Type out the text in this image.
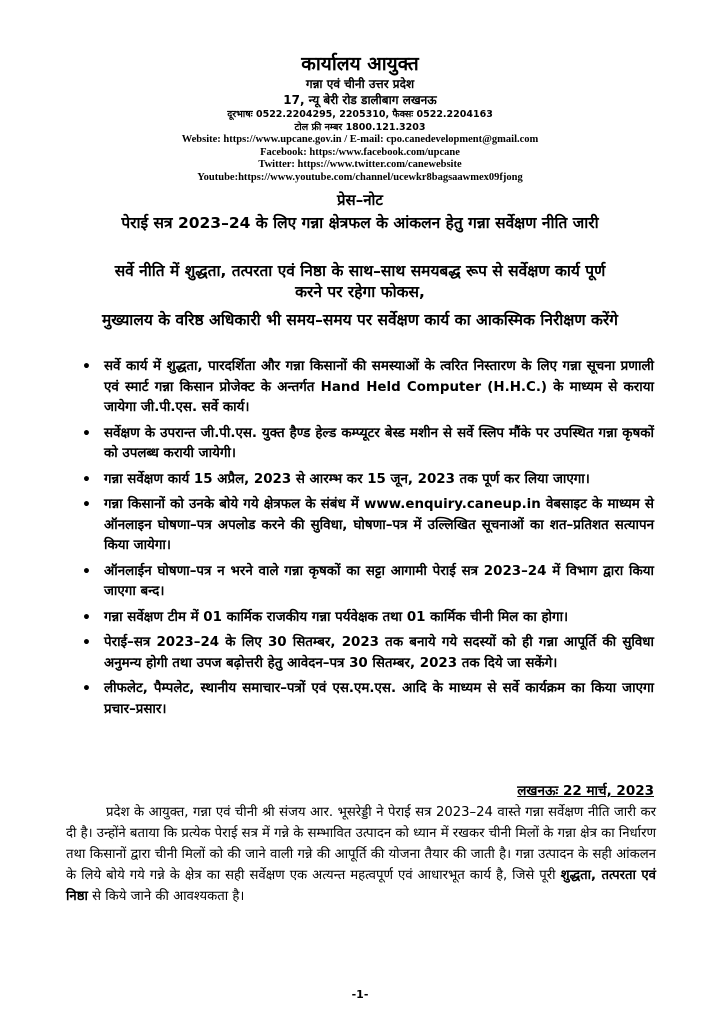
कार्यालय आयुक्त
गन्ना एवं चीनी उत्तर प्रदेश
17, न्यू बेरी रोड डालीबाग लखनऊ
दूरभाषः 0522.2204295, 2205310, फैक्सः 0522.2204163
टोल फ्री नम्बर 1800.121.3203
Website: https://www.upcane.gov.in / E-mail: cpo.canedevelopment@gmail.com
Facebook: https:/www.facebook.com/upcane
Twitter: https://www.twitter.com/canewebsite
Youtube:https://www.youtube.com/channel/ucewkr8bagsaawmex09fjong
प्रेस–नोट
पेराई सत्र 2023–24 के लिए गन्ना क्षेत्रफल के आंकलन हेतु गन्ना सर्वेक्षण नीति जारी
सर्वे नीति में शुद्धता, तत्परता एवं निष्ठा के साथ–साथ समयबद्ध रूप से सर्वेक्षण कार्य पूर्ण करने पर रहेगा फोकस,
मुख्यालय के वरिष्ठ अधिकारी भी समय–समय पर सर्वेक्षण कार्य का आकस्मिक निरीक्षण करेंगे
• सर्वे कार्य में शुद्धता, पारदर्शिता और गन्ना किसानों की समस्याओं के त्वरित निस्तारण के लिए गन्ना सूचना प्रणाली एवं स्मार्ट गन्ना किसान प्रोजेक्ट के अन्तर्गत Hand Held Computer (H.H.C.) के माध्यम से कराया जायेगा जी.पी.एस. सर्वे कार्य।
• सर्वेक्षण के उपरान्त जी.पी.एस. युक्त हैण्ड हेल्ड कम्प्यूटर बेस्ड मशीन से सर्वे स्लिप मौंके पर उपस्थित गन्ना कृषकों को उपलब्ध करायी जायेगी।
• गन्ना सर्वेक्षण कार्य 15 अप्रैल, 2023 से आरम्भ कर 15 जून, 2023 तक पूर्ण कर लिया जाएगा।
• गन्ना किसानों को उनके बोये गये क्षेत्रफल के संबंध में www.enquiry.caneup.in वेबसाइट के माध्यम से ऑनलाइन घोषणा–पत्र अपलोड करने की सुविधा, घोषणा–पत्र में उल्लिखित सूचनाओं का शत–प्रतिशत सत्यापन किया जायेगा।
• ऑनलाईन घोषणा–पत्र न भरने वाले गन्ना कृषकों का सट्टा आगामी पेराई सत्र 2023–24 में विभाग द्वारा किया जाएगा बन्द।
• गन्ना सर्वेक्षण टीम में 01 कार्मिक राजकीय गन्ना पर्यवेक्षक तथा 01 कार्मिक चीनी मिल का होगा।
• पेराई–सत्र 2023–24 के लिए 30 सितम्बर, 2023 तक बनाये गये सदस्यों को ही गन्ना आपूर्ति की सुविधा अनुमन्य होगी तथा उपज बढ़ोत्तरी हेतु आवेदन–पत्र 30 सितम्बर, 2023 तक दिये जा सकेंगे।
• लीफलेट, पैम्पलेट, स्थानीय समाचार–पत्रों एवं एस.एम.एस. आदि के माध्यम से सर्वे कार्यक्रम का किया जाएगा प्रचार–प्रसार।
लखनऊः 22 मार्च, 2023
प्रदेश के आयुक्त, गन्ना एवं चीनी श्री संजय आर. भूसरेड्डी ने पेराई सत्र 2023–24 वास्ते गन्ना सर्वेक्षण नीति जारी कर दी है। उन्होंने बताया कि प्रत्येक पेराई सत्र में गन्ने के सम्भावित उत्पादन को ध्यान में रखकर चीनी मिलों के गन्ना क्षेत्र का निर्धारण तथा किसानों द्वारा चीनी मिलों को की जाने वाली गन्ने की आपूर्ति की योजना तैयार की जाती है। गन्ना उत्पादन के सही आंकलन के लिये बोये गये गन्ने के क्षेत्र का सही सर्वेक्षण एक अत्यन्त महत्वपूर्ण एवं आधारभूत कार्य है, जिसे पूरी शुद्धता, तत्परता एवं निष्ठा से किये जाने की आवश्यकता है।
-1-
